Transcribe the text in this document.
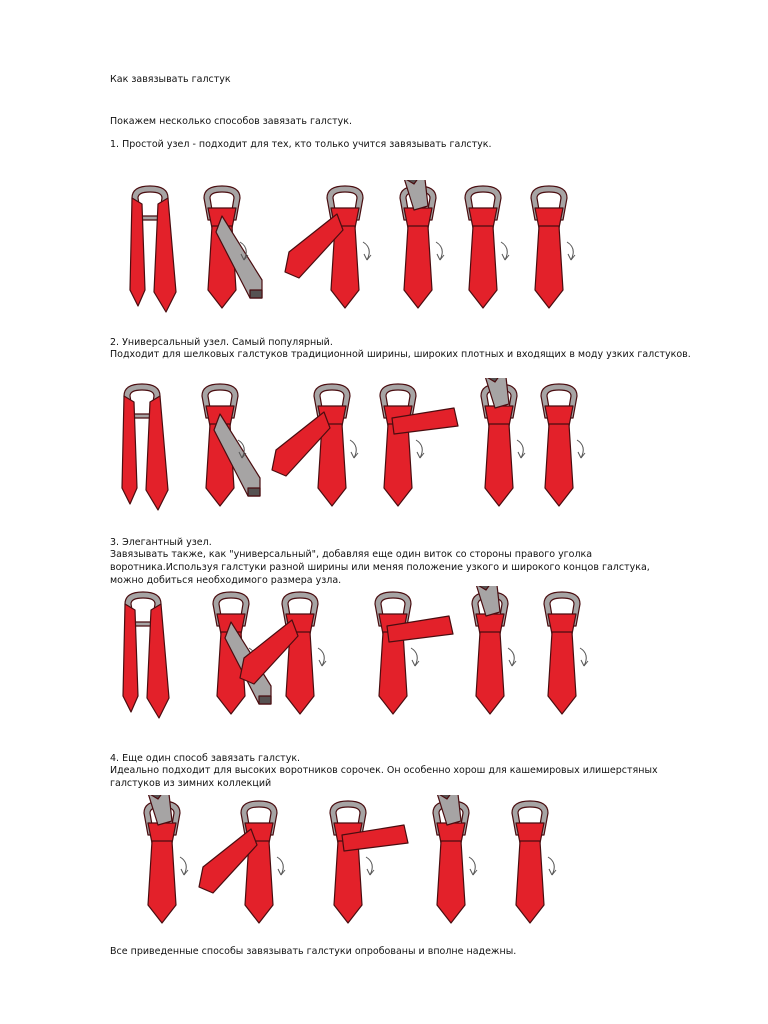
Как завязывать галстук
Покажем несколько способов завязать галстук.
1. Простой узел - подходит для тех, кто только учится завязывать галстук.
2. Универсальный узел. Самый популярный.
Подходит для шелковых галстуков традиционной ширины, широких плотных и входящих в моду узких галстуков.
3. Элегантный узел.
Завязывать также, как "универсальный", добавляя еще один виток со стороны правого уголка воротника.Используя галстуки разной ширины или меняя положение узкого и широкого концов галстука, можно добиться необходимого размера узла.
4. Еще один способ завязать галстук.
Идеально подходит для высоких воротников сорочек. Он особенно хорош для кашемировых илишерстяных галстуков из зимних коллекций
Все приведенные способы завязывать галстуки опробованы и вполне надежны.
